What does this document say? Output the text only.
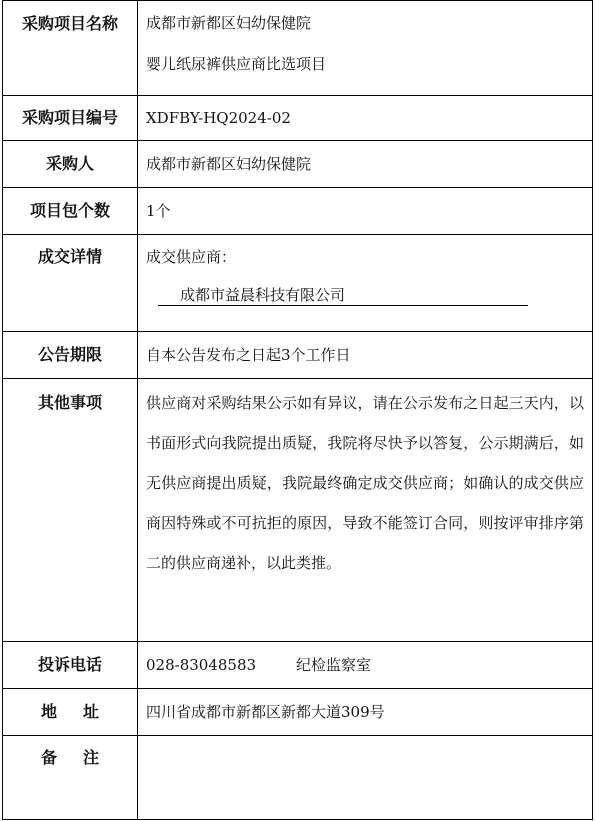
采购项目名称	成都市新都区妇幼保健院
婴儿纸尿裤供应商比选项目

采购项目编号	XDFBY-HQ2024-02

采购人	成都市新都区妇幼保健院

项目包个数	1个

成交详情	成交供应商：
成都市益晨科技有限公司

公告期限	自本公告发布之日起3个工作日

其他事项	供应商对采购结果公示如有异议，请在公示发布之日起三天内，以书面形式向我院提出质疑，我院将尽快予以答复，公示期满后，如无供应商提出质疑，我院最终确定成交供应商；如确认的成交供应商因特殊或不可抗拒的原因，导致不能签订合同，则按评审排序第二的供应商递补，以此类推。

投诉电话	028-83048583 纪检监察室

地址	四川省成都市新都区新都大道309号

备注	
